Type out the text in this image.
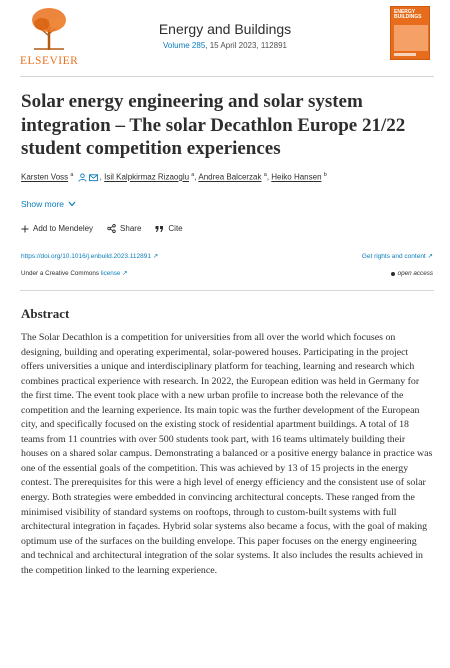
ELSEVIER
Energy and Buildings
Volume 285, 15 April 2023, 112891
ENERGY BUILDINGS
Solar energy engineering and solar system integration – The solar Decathlon Europe 21/22 student competition experiences
Karsten Voss $^a$	, Isil Kalpkirmaz Rizaoglu $^a$, Andrea Balcerzak $^a$, Heiko Hansen $^b$
Show more
Add to Mendeley	Share	Cite
https://doi.org/10.1016/j.enbuild.2023.112891 ↗	Get rights and content ↗
Under a Creative Commons license ↗	open access
Abstract

The Solar Decathlon is a competition for universities from all over the world which focuses on designing, building and operating experimental, solar-powered houses. Participating in the project offers universities a unique and interdisciplinary platform for teaching, learning and research which combines practical experience with research. In 2022, the European edition was held in Germany for the first time. The event took place with a new urban profile to increase both the relevance of the competition and the learning experience. Its main topic was the further development of the European city, and specifically focused on the existing stock of residential apartment buildings. A total of 18 teams from 11 countries with over 500 students took part, with 16 teams ultimately building their houses on a shared solar campus. Demonstrating a balanced or a positive energy balance in practice was one of the essential goals of the competition. This was achieved by 13 of 15 projects in the energy contest. The prerequisites for this were a high level of energy efficiency and the consistent use of solar energy. Both strategies were embedded in convincing architectural concepts. These ranged from the minimised visibility of standard systems on rooftops, through to custom-built systems with full architectural integration in façades. Hybrid solar systems also became a focus, with the goal of making optimum use of the surfaces on the building envelope. This paper focuses on the energy engineering and technical and architectural integration of the solar systems. It also includes the results achieved in the competition linked to the learning experience.
